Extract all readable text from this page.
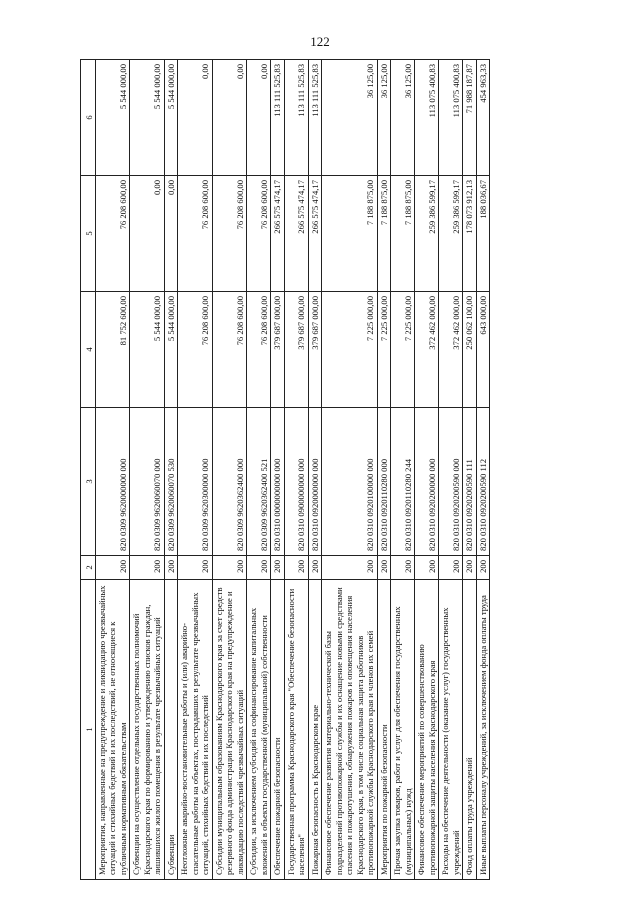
122
1	2	3	4	5	6
Мероприятия, направленные на предупреждение и ликвидацию чрезвычайных ситуаций и стихийных бедствий и их последствий, не относящиеся к публичным нормативным обязательствам	200	820 0309 9620000000 000	81 752 600,00	76 208 600,00	5 544 000,00
Субвенции на осуществление отдельных государственных полномочий Краснодарского края по формированию и утверждению списков граждан, лишившихся жилого помещения в результате чрезвычайных ситуаций	200	820 0309 9620060070 000	5 544 000,00	0,00	5 544 000,00
Субвенции	200	820 0309 9620060070 530	5 544 000,00	0,00	5 544 000,00
Неотложные аварийно-восстановительные работы и (или) аварийно-спасательные работы на объектах, пострадавших в результате чрезвычайных ситуаций, стихийных бедствий и их последствий	200	820 0309 9620300000 000	76 208 600,00	76 208 600,00	0,00
Субсидии муниципальным образованиям Краснодарского края за счет средств резервного фонда администрации Краснодарского края на предупреждение и ликвидацию последствий чрезвычайных ситуаций	200	820 0309 9620362400 000	76 208 600,00	76 208 600,00	0,00
Субсидии, за исключением субсидий на софинансирование капитальных вложений в объекты государственной (муниципальной) собственности	200	820 0309 9620362400 521	76 208 600,00	76 208 600,00	0,00
Обеспечение пожарной безопасности	200	820 0310 0000000000 000	379 687 000,00	266 575 474,17	113 111 525,83
Государственная программа Краснодарского края "Обеспечение безопасности населения"	200	820 0310 0900000000 000	379 687 000,00	266 575 474,17	113 111 525,83
Пожарная безопасность в Краснодарском крае	200	820 0310 0920000000 000	379 687 000,00	266 575 474,17	113 111 525,83
Финансовое обеспечение развития материально-технической базы подразделений противопожарной службы и их оснащение новыми средствами спасения и пожаротушения, обнаружения пожаров и оповещения населения Краснодарского края, в том числе социальная защита работников противопожарной службы Краснодарского края и членов их семей	200	820 0310 0920100000 000	7 225 000,00	7 188 875,00	36 125,00
Мероприятия по пожарной безопасности	200	820 0310 0920110280 000	7 225 000,00	7 188 875,00	36 125,00
Прочая закупка товаров, работ и услуг для обеспечения государственных (муниципальных) нужд	200	820 0310 0920110280 244	7 225 000,00	7 188 875,00	36 125,00
Финансовое обеспечение мероприятий по совершенствованию противопожарной защиты населения Краснодарского края	200	820 0310 0920200000 000	372 462 000,00	259 386 599,17	113 075 400,83
Расходы на обеспечение деятельности (оказание услуг) государственных учреждений	200	820 0310 0920200590 000	372 462 000,00	259 386 599,17	113 075 400,83
Фонд оплаты труда учреждений	200	820 0310 0920200590 111	250 062 100,00	178 073 912,13	71 988 187,87
Иные выплаты персоналу учреждений, за исключением фонда оплаты труда	200	820 0310 0920200590 112	643 000,00	188 036,67	454 963,33
